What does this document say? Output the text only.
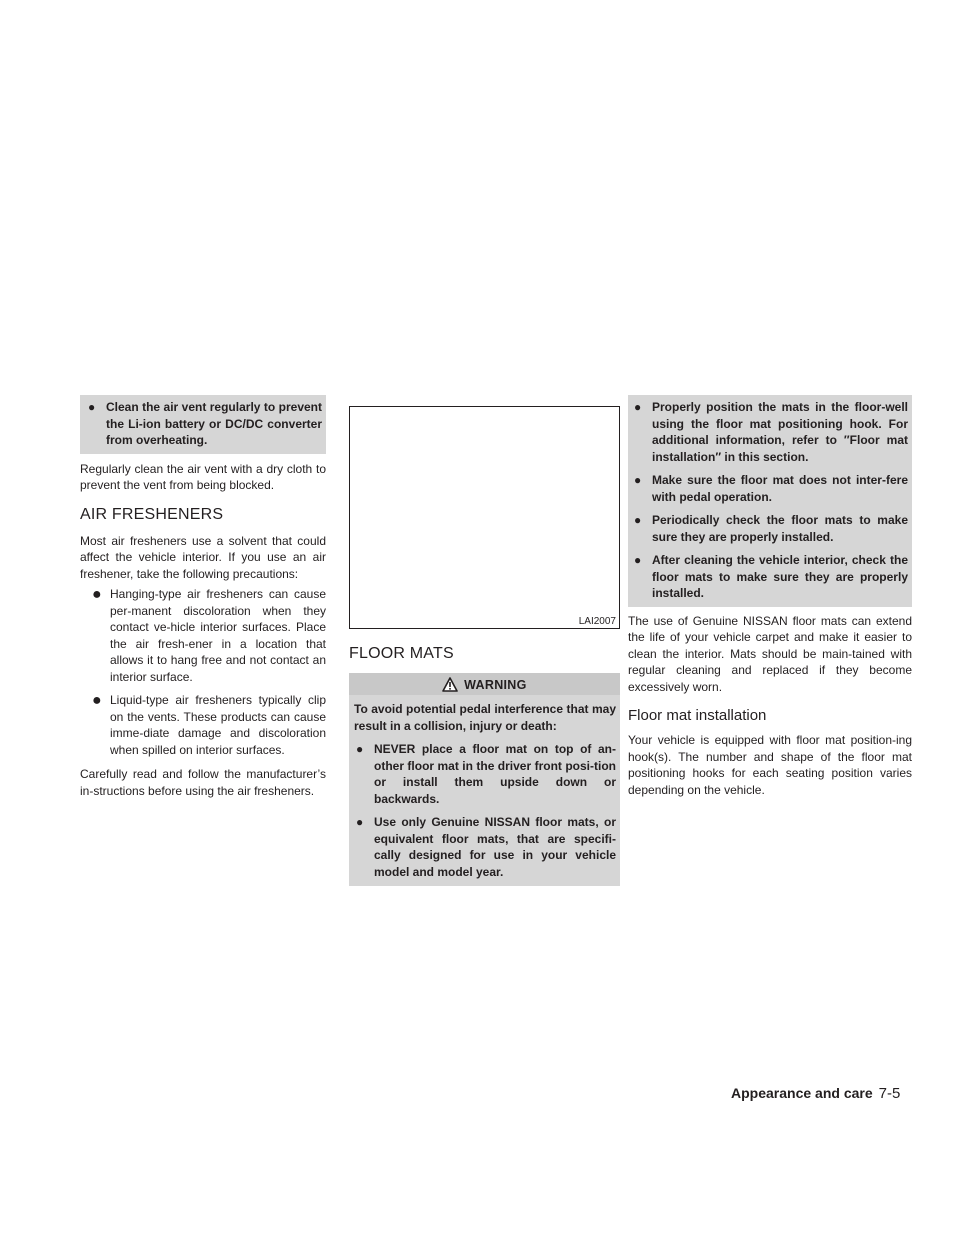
● Clean the air vent regularly to prevent the Li-ion battery or DC/DC converter from overheating.

Regularly clean the air vent with a dry cloth to prevent the vent from being blocked.

AIR FRESHENERS

Most air fresheners use a solvent that could affect the vehicle interior. If you use an air freshener, take the following precautions:

● Hanging-type air fresheners can cause per-manent discoloration when they contact ve-hicle interior surfaces. Place the air fresh-ener in a location that allows it to hang free and not contact an interior surface.
● Liquid-type air fresheners typically clip on the vents. These products can cause imme-diate damage and discoloration when spilled on interior surfaces.

Carefully read and follow the manufacturer’s in-structions before using the air fresheners.

LAI2007
FLOOR MATS
WARNING
To avoid potential pedal interference that may result in a collision, injury or death:
● NEVER place a floor mat on top of an-other floor mat in the driver front posi-tion or install them upside down or backwards.
● Use only Genuine NISSAN floor mats, or equivalent floor mats, that are specifi-cally designed for use in your vehicle model and model year.
● Properly position the mats in the floor-well using the floor mat positioning hook. For additional information, refer to ″Floor mat installation″ in this section.
● Make sure the floor mat does not inter-fere with pedal operation.
● Periodically check the floor mats to make sure they are properly installed.
● After cleaning the vehicle interior, check the floor mats to make sure they are properly installed.

The use of Genuine NISSAN floor mats can extend the life of your vehicle carpet and make it easier to clean the interior. Mats should be main-tained with regular cleaning and replaced if they become excessively worn.

Floor mat installation

Your vehicle is equipped with floor mat position-ing hook(s). The number and shape of the floor mat positioning hooks for each seating position varies depending on the vehicle.

Appearance and care 7-5
